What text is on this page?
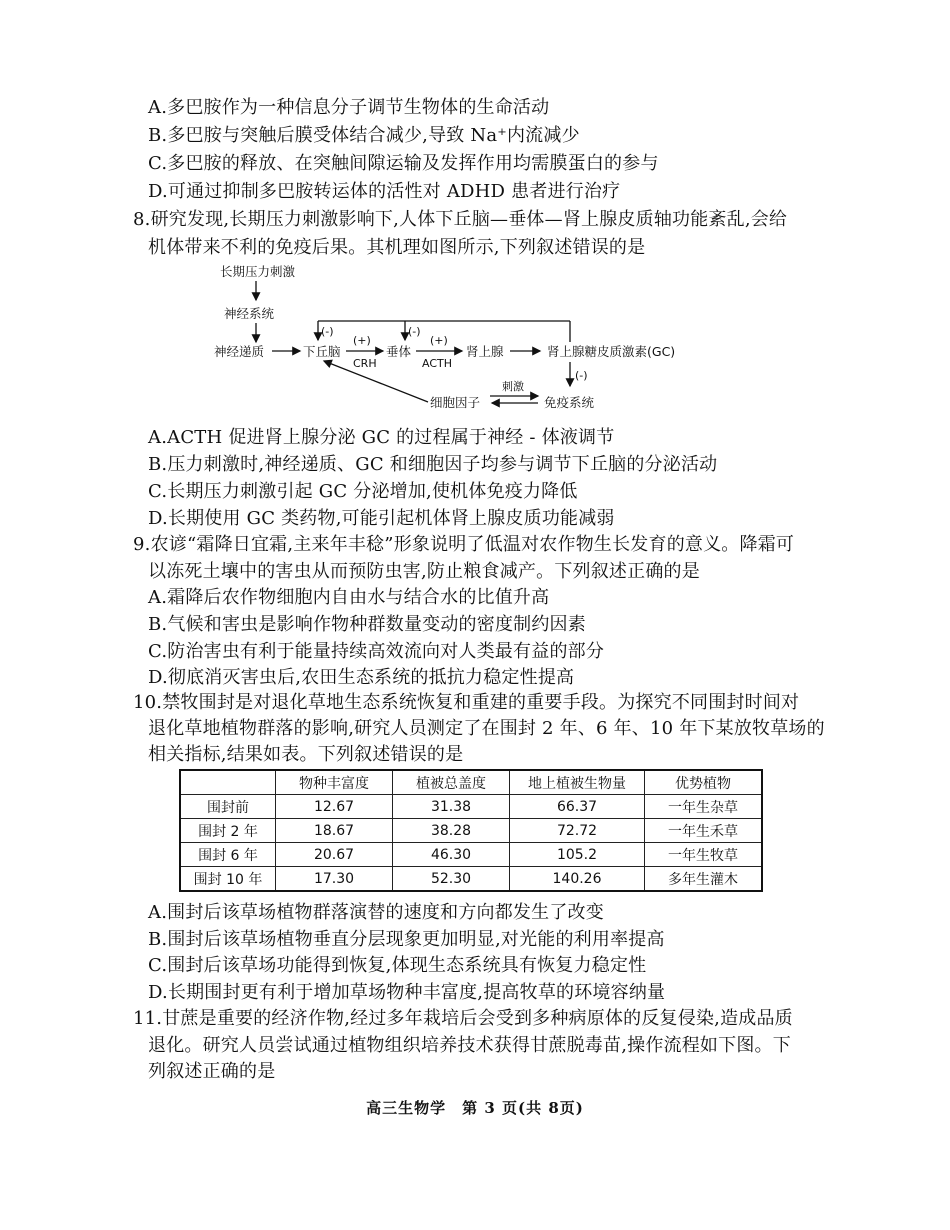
A.多巴胺作为一种信息分子调节生物体的生命活动
B.多巴胺与突触后膜受体结合减少,导致 Na⁺内流减少
C.多巴胺的释放、在突触间隙运输及发挥作用均需膜蛋白的参与
D.可通过抑制多巴胺转运体的活性对 ADHD 患者进行治疗
8.研究发现,长期压力刺激影响下,人体下丘脑—垂体—肾上腺皮质轴功能紊乱,会给
机体带来不利的免疫后果。其机理如图所示,下列叙述错误的是
长期压力刺激
神经系统
神经递质	下丘脑
(+)
CRH
垂体
(+)
ACTH
肾上腺	肾上腺糖皮质激素(GC)
(-)	(-)
(-)
细胞因子	免疫系统
刺激
A.ACTH 促进肾上腺分泌 GC 的过程属于神经 - 体液调节
B.压力刺激时,神经递质、GC 和细胞因子均参与调节下丘脑的分泌活动
C.长期压力刺激引起 GC 分泌增加,使机体免疫力降低
D.长期使用 GC 类药物,可能引起机体肾上腺皮质功能减弱
9.农谚“霜降日宜霜,主来年丰稔”形象说明了低温对农作物生长发育的意义。降霜可
以冻死土壤中的害虫从而预防虫害,防止粮食减产。下列叙述正确的是
A.霜降后农作物细胞内自由水与结合水的比值升高
B.气候和害虫是影响作物种群数量变动的密度制约因素
C.防治害虫有利于能量持续高效流向对人类最有益的部分
D.彻底消灭害虫后,农田生态系统的抵抗力稳定性提高
10.禁牧围封是对退化草地生态系统恢复和重建的重要手段。为探究不同围封时间对
退化草地植物群落的影响,研究人员测定了在围封 2 年、6 年、10 年下某放牧草场的
相关指标,结果如表。下列叙述错误的是
	物种丰富度	植被总盖度	地上植被生物量	优势植物
围封前	12.67	31.38	66.37	一年生杂草
围封 2 年	18.67	38.28	72.72	一年生禾草
围封 6 年	20.67	46.30	105.2	一年生牧草
围封 10 年	17.30	52.30	140.26	多年生灌木
A.围封后该草场植物群落演替的速度和方向都发生了改变
B.围封后该草场植物垂直分层现象更加明显,对光能的利用率提高
C.围封后该草场功能得到恢复,体现生态系统具有恢复力稳定性
D.长期围封更有利于增加草场物种丰富度,提高牧草的环境容纳量
11.甘蔗是重要的经济作物,经过多年栽培后会受到多种病原体的反复侵染,造成品质
退化。研究人员尝试通过植物组织培养技术获得甘蔗脱毒苗,操作流程如下图。下
列叙述正确的是
高三生物学　第 3 页(共 8页)
